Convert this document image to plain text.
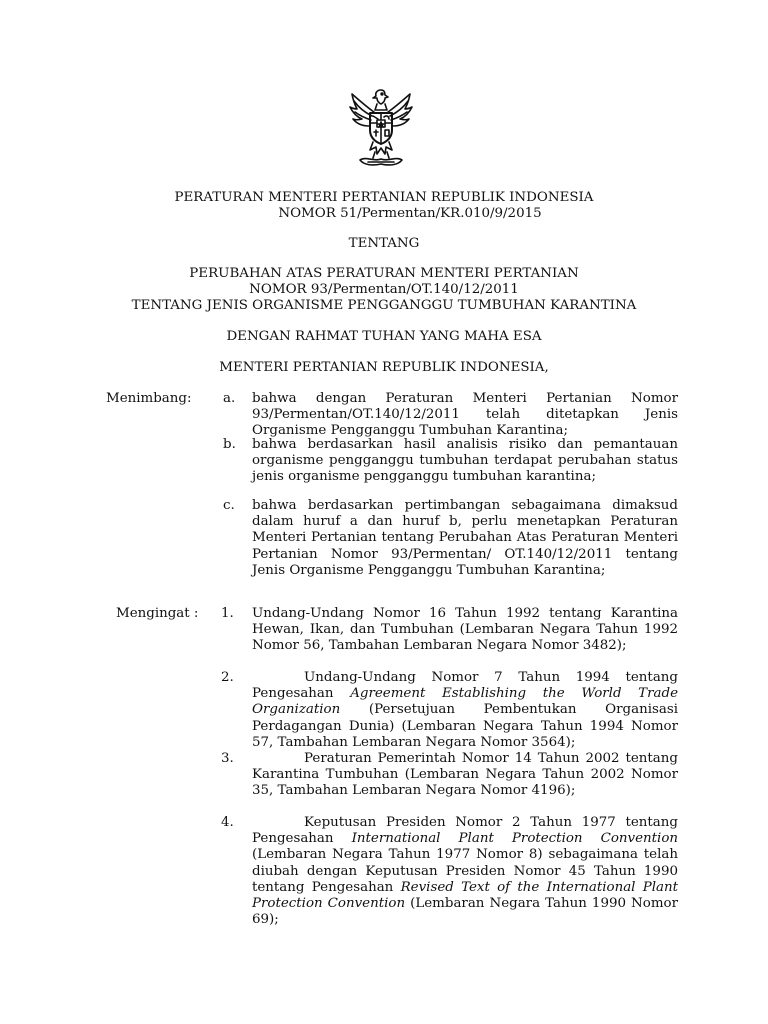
PERATURAN MENTERI PERTANIAN REPUBLIK INDONESIA
NOMOR 51/Permentan/KR.010/9/2015
TENTANG
PERUBAHAN ATAS PERATURAN MENTERI PERTANIAN
NOMOR 93/Permentan/OT.140/12/2011
TENTANG JENIS ORGANISME PENGGANGGU TUMBUHAN KARANTINA
DENGAN RAHMAT TUHAN YANG MAHA ESA
MENTERI PERTANIAN REPUBLIK INDONESIA,
Menimbang: a. bahwa dengan Peraturan Menteri Pertanian Nomor 93/Permentan/OT.140/12/2011 telah ditetapkan Jenis Organisme Pengganggu Tumbuhan Karantina;
b. bahwa berdasarkan hasil analisis risiko dan pemantauan organisme pengganggu tumbuhan terdapat perubahan status jenis organisme pengganggu tumbuhan karantina;
c. bahwa berdasarkan pertimbangan sebagaimana dimaksud dalam huruf a dan huruf b, perlu menetapkan Peraturan Menteri Pertanian tentang Perubahan Atas Peraturan Menteri Pertanian Nomor 93/Permentan/ OT.140/12/2011 tentang Jenis Organisme Pengganggu Tumbuhan Karantina;
Mengingat : 1. Undang-Undang Nomor 16 Tahun 1992 tentang Karantina Hewan, Ikan, dan Tumbuhan (Lembaran Negara Tahun 1992 Nomor 56, Tambahan Lembaran Negara Nomor 3482);
2.	Undang-Undang Nomor 7 Tahun 1994 tentang Pengesahan Agreement Establishing the World Trade Organization (Persetujuan Pembentukan Organisasi Perdagangan Dunia) (Lembaran Negara Tahun 1994 Nomor 57, Tambahan Lembaran Negara Nomor 3564);
3.	Peraturan Pemerintah Nomor 14 Tahun 2002 tentang Karantina Tumbuhan (Lembaran Negara Tahun 2002 Nomor 35, Tambahan Lembaran Negara Nomor 4196);
4.	Keputusan Presiden Nomor 2 Tahun 1977 tentang Pengesahan International Plant Protection Convention (Lembaran Negara Tahun 1977 Nomor 8) sebagaimana telah diubah dengan Keputusan Presiden Nomor 45 Tahun 1990 tentang Pengesahan Revised Text of the International Plant Protection Convention (Lembaran Negara Tahun 1990 Nomor 69);
